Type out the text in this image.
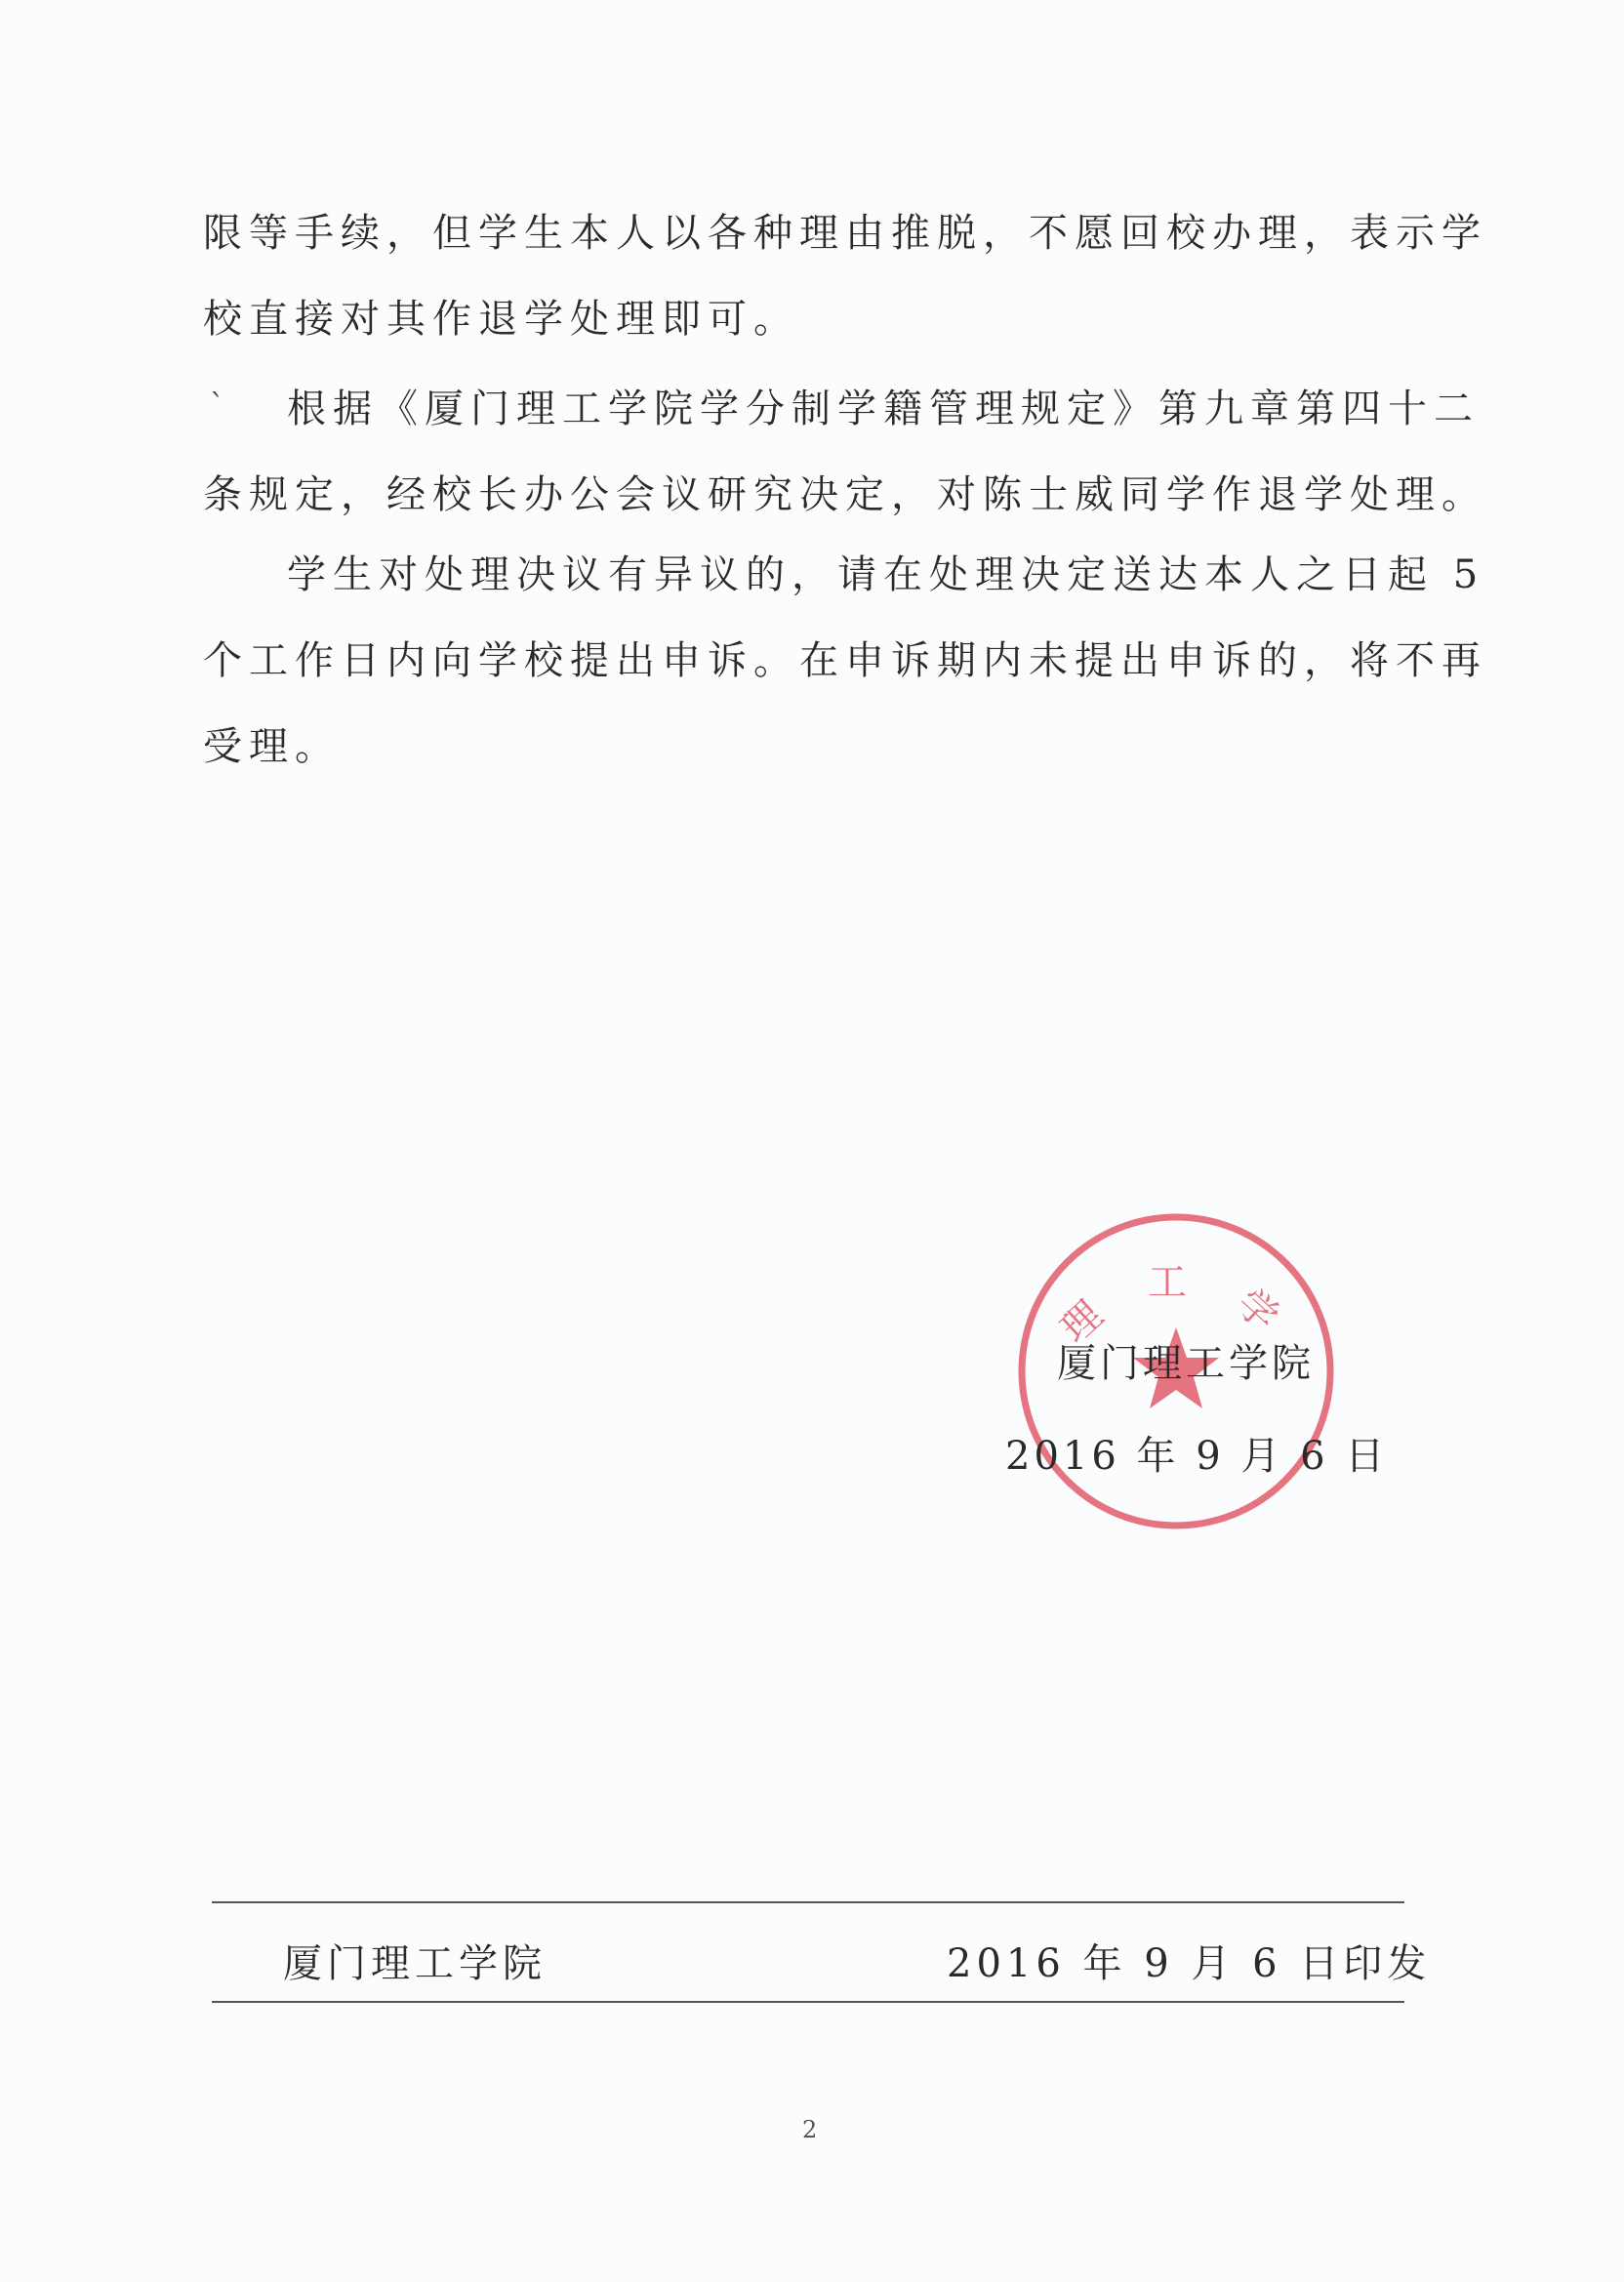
限等手续，但学生本人以各种理由推脱，不愿回校办理，表示学
校直接对其作退学处理即可。
ˋ	根据《厦门理工学院学分制学籍管理规定》第九章第四十二
条规定，经校长办公会议研究决定，对陈士威同学作退学处理。
学生对处理决议有异议的，请在处理决定送达本人之日起 5
个工作日内向学校提出申诉。在申诉期内未提出申诉的，将不再
受理。
理 工 学
厦门理工学院
2016 年 9 月 6 日
厦门理工学院	2016 年 9 月 6 日印发
2
